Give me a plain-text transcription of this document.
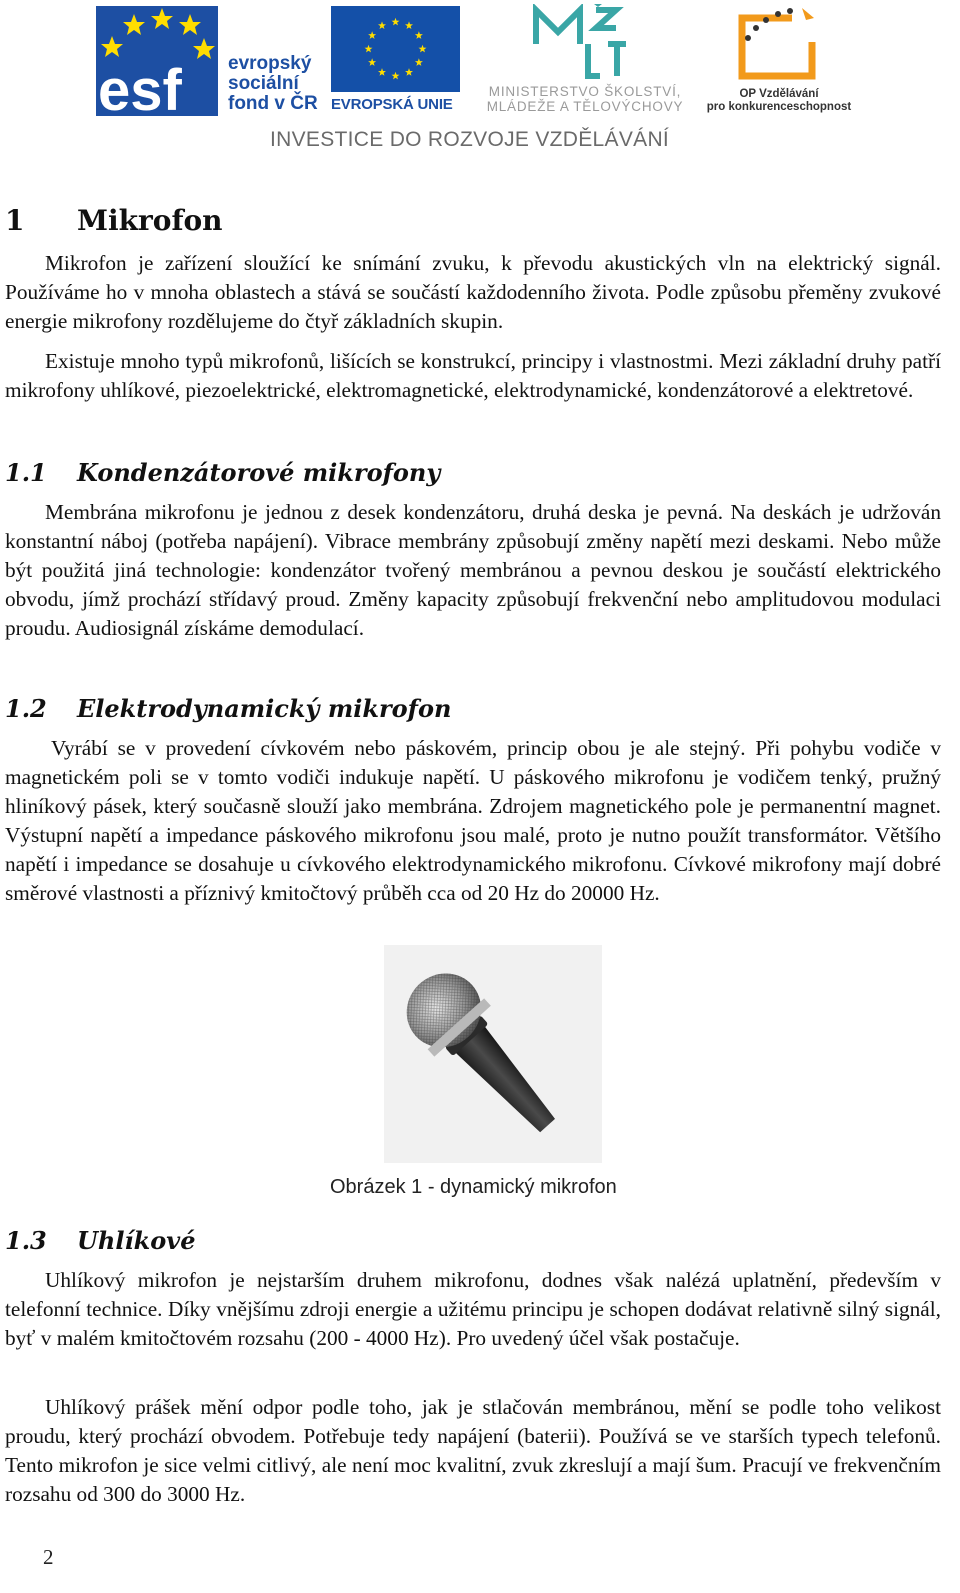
esf evropský
sociální
fond v ČR EVROPSKÁ UNIE
MINISTERSTVO ŠKOLSTVÍ,
MLÁDEŽE A TĚLOVÝCHOVY
OP Vzdělávání
pro konkurenceschopnost
INVESTICE DO ROZVOJE VZDĚLÁVÁNÍ
1 Mikrofon

Mikrofon je zařízení sloužící ke snímání zvuku, k převodu akustických vln na elektrický signál. Používáme ho v mnoha oblastech a stává se součástí každodenního života. Podle způsobu přeměny zvukové energie mikrofony rozdělujeme do čtyř základních skupin.

Existuje mnoho typů mikrofonů, lišících se konstrukcí, principy i vlastnostmi. Mezi základní druhy patří mikrofony uhlíkové, piezoelektrické, elektromagnetické, elektrodynamické, kondenzátorové a elektretové.

1.1 Kondenzátorové mikrofony

Membrána mikrofonu je jednou z desek kondenzátoru, druhá deska je pevná. Na deskách je udržován konstantní náboj (potřeba napájení). Vibrace membrány způsobují změny napětí mezi deskami. Nebo může být použitá jiná technologie: kondenzátor tvořený membránou a pevnou deskou je součástí elektrického obvodu, jímž prochází střídavý proud. Změny kapacity způsobují frekvenční nebo amplitudovou modulaci proudu. Audiosignál získáme demodulací.

1.2 Elektrodynamický mikrofon

Vyrábí se v provedení cívkovém nebo páskovém, princip obou je ale stejný. Při pohybu vodiče v magnetickém poli se v tomto vodiči indukuje napětí. U páskového mikrofonu je vodičem tenký, pružný hliníkový pásek, který současně slouží jako membrána. Zdrojem magnetického pole je permanentní magnet. Výstupní napětí a impedance páskového mikrofonu jsou malé, proto je nutno použít transformátor. Většího napětí i impedance se dosahuje u cívkového elektrodynamického mikrofonu. Cívkové mikrofony mají dobré směrové vlastnosti a příznivý kmitočtový průběh cca od 20 Hz do 20000 Hz.

Obrázek 1 - dynamický mikrofon
1.3 Uhlíkové

Uhlíkový mikrofon je nejstarším druhem mikrofonu, dodnes však nalézá uplatnění, především v telefonní technice. Díky vnějšímu zdroji energie a užitému principu je schopen dodávat relativně silný signál, byť v malém kmitočtovém rozsahu (200 - 4000 Hz). Pro uvedený účel však postačuje.

Uhlíkový prášek mění odpor podle toho, jak je stlačován membránou, mění se podle toho velikost proudu, který prochází obvodem. Potřebuje tedy napájení (baterii). Používá se ve starších typech telefonů. Tento mikrofon je sice velmi citlivý, ale není moc kvalitní, zvuk zkreslují a mají šum. Pracují ve frekvenčním rozsahu od 300 do 3000 Hz.

2
